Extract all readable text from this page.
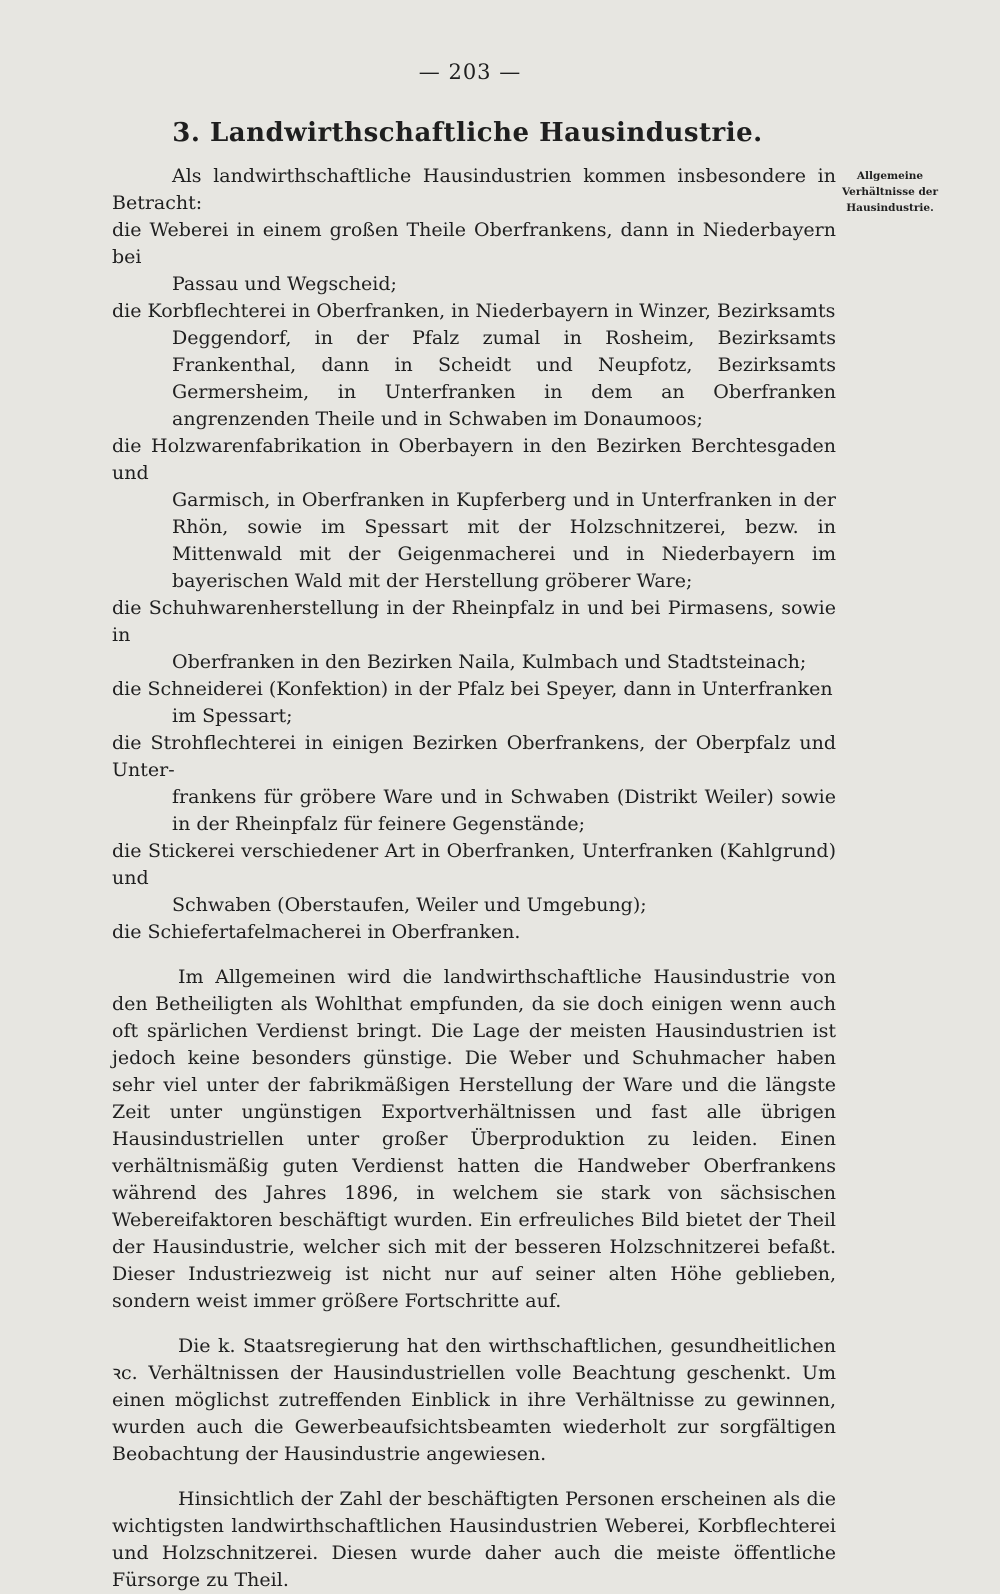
— 203 —
3. Landwirthschaftliche Hausindustrie.
Allgemeine
Verhältnisse der
Hausindustrie.

Als landwirthschaftliche Hausindustrien kommen insbesondere in Betracht:

die Weberei in einem großen Theile Oberfrankens, dann in Niederbayern bei

Passau und Wegscheid;

die Korbflechterei in Oberfranken, in Niederbayern in Winzer, Bezirksamts

Deggendorf, in der Pfalz zumal in Rosheim, Bezirksamts Frankenthal, dann in Scheidt und Neupfotz, Bezirksamts Germersheim, in Unterfranken in dem an Oberfranken angrenzenden Theile und in Schwaben im Donaumoos;

die Holzwarenfabrikation in Oberbayern in den Bezirken Berchtesgaden und

Garmisch, in Oberfranken in Kupferberg und in Unterfranken in der Rhön, sowie im Spessart mit der Holzschnitzerei, bezw. in Mittenwald mit der Geigenmacherei und in Niederbayern im bayerischen Wald mit der Herstellung gröberer Ware;

die Schuhwarenherstellung in der Rheinpfalz in und bei Pirmasens, sowie in

Oberfranken in den Bezirken Naila, Kulmbach und Stadtsteinach;

die Schneiderei (Konfektion) in der Pfalz bei Speyer, dann in Unterfranken

im Spessart;

die Strohflechterei in einigen Bezirken Oberfrankens, der Oberpfalz und Unter-

frankens für gröbere Ware und in Schwaben (Distrikt Weiler) sowie in der Rheinpfalz für feinere Gegenstände;

die Stickerei verschiedener Art in Oberfranken, Unterfranken (Kahlgrund) und

Schwaben (Oberstaufen, Weiler und Umgebung);

die Schiefertafelmacherei in Oberfranken.

Im Allgemeinen wird die landwirthschaftliche Hausindustrie von den Betheiligten als Wohlthat empfunden, da sie doch einigen wenn auch oft spärlichen Verdienst bringt. Die Lage der meisten Hausindustrien ist jedoch keine besonders günstige. Die Weber und Schuhmacher haben sehr viel unter der fabrikmäßigen Herstellung der Ware und die längste Zeit unter ungünstigen Exportverhältnissen und fast alle übrigen Hausindustriellen unter großer Überproduktion zu leiden. Einen verhältnismäßig guten Verdienst hatten die Handweber Oberfrankens während des Jahres 1896, in welchem sie stark von sächsischen Webereifaktoren beschäftigt wurden. Ein erfreuliches Bild bietet der Theil der Hausindustrie, welcher sich mit der besseren Holzschnitzerei befaßt. Dieser Industriezweig ist nicht nur auf seiner alten Höhe geblieben, sondern weist immer größere Fortschritte auf.

Die k. Staatsregierung hat den wirthschaftlichen, gesundheitlichen ꝛc. Verhältnissen der Hausindustriellen volle Beachtung geschenkt. Um einen möglichst zutreffenden Einblick in ihre Verhältnisse zu gewinnen, wurden auch die Gewerbeaufsichtsbeamten wiederholt zur sorgfältigen Beobachtung der Hausindustrie angewiesen.

Hinsichtlich der Zahl der beschäftigten Personen erscheinen als die wichtigsten landwirthschaftlichen Hausindustrien Weberei, Korbflechterei und Holzschnitzerei. Diesen wurde daher auch die meiste öffentliche Fürsorge zu Theil.
